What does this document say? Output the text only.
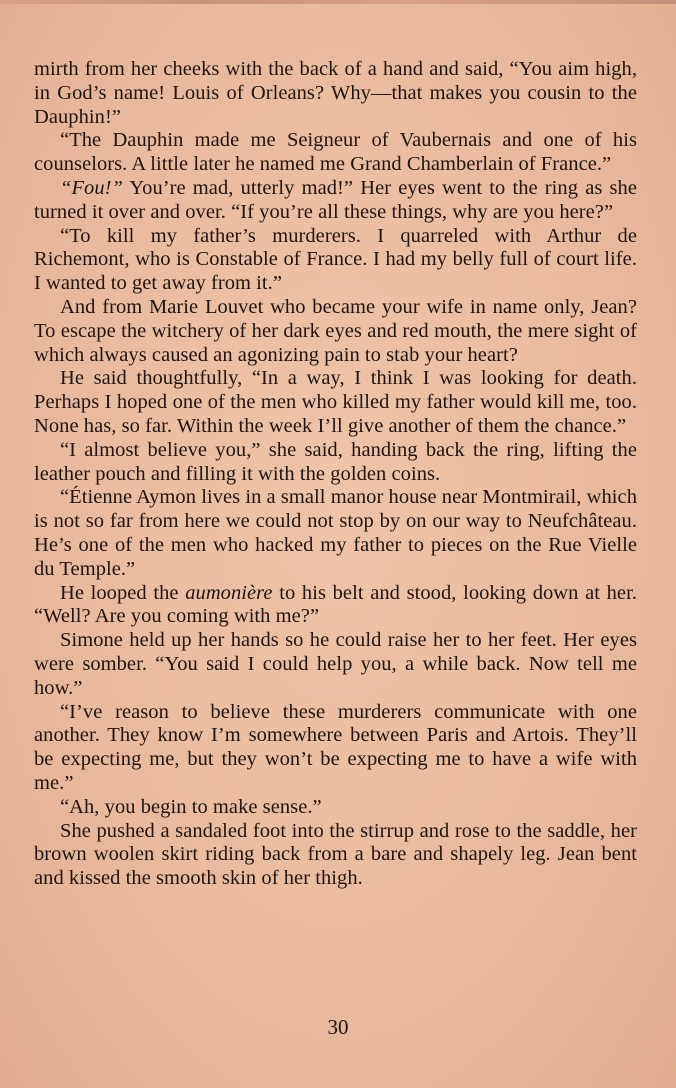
mirth from her cheeks with the back of a hand and said, “You aim high, in God’s name! Louis of Orleans? Why—that makes you cousin to the Dauphin!”

“The Dauphin made me Seigneur of Vaubernais and one of his counselors. A little later he named me Grand Chamberlain of France.”

“Fou!” You’re mad, utterly mad!” Her eyes went to the ring as she turned it over and over. “If you’re all these things, why are you here?”

“To kill my father’s murderers. I quarreled with Arthur de Richemont, who is Constable of France. I had my belly full of court life. I wanted to get away from it.”

And from Marie Louvet who became your wife in name only, Jean? To escape the witchery of her dark eyes and red mouth, the mere sight of which always caused an agonizing pain to stab your heart?

He said thoughtfully, “In a way, I think I was looking for death. Perhaps I hoped one of the men who killed my father would kill me, too. None has, so far. Within the week I’ll give another of them the chance.”

“I almost believe you,” she said, handing back the ring, lifting the leather pouch and filling it with the golden coins.

“Étienne Aymon lives in a small manor house near Montmirail, which is not so far from here we could not stop by on our way to Neufchâteau. He’s one of the men who hacked my father to pieces on the Rue Vielle du Temple.”

He looped the aumonière to his belt and stood, looking down at her. “Well? Are you coming with me?”

Simone held up her hands so he could raise her to her feet. Her eyes were somber. “You said I could help you, a while back. Now tell me how.”

“I’ve reason to believe these murderers communicate with one another. They know I’m somewhere between Paris and Artois. They’ll be expecting me, but they won’t be expecting me to have a wife with me.”

“Ah, you begin to make sense.”

She pushed a sandaled foot into the stirrup and rose to the saddle, her brown woolen skirt riding back from a bare and shapely leg. Jean bent and kissed the smooth skin of her thigh.

30
